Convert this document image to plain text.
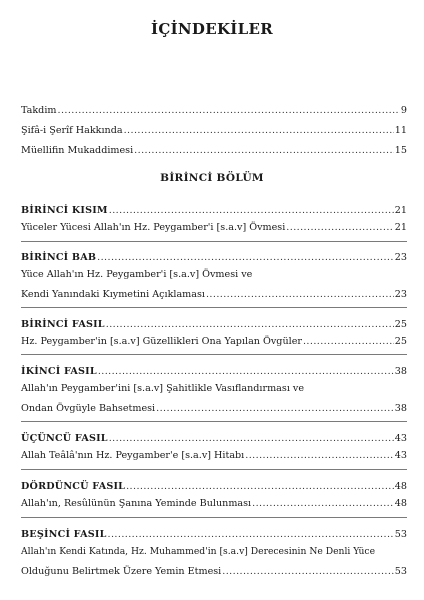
İÇİNDEKİLER
Takdim .....	9
Şifâ-i Şerîf Hakkında .....	11
Müellifin Mukaddimesi .....	15
BİRİNCİ BÖLÜM
BİRİNCİ KISIM .....	21
Yüceler Yücesi Allah'ın Hz. Peygamber'i [s.a.v] Övmesi .....	21
BİRİNCİ BAB .....	23
Yüce Allah'ın Hz. Peygamber'i [s.a.v] Övmesi ve
Kendi Yanındaki Kıymetini Açıklaması .....	23
BİRİNCİ FASIL .....	25
Hz. Peygamber'in [s.a.v] Güzellikleri Ona Yapılan Övgüler .....	25
İKİNCİ FASIL .....	38
Allah'ın Peygamber'ini [s.a.v] Şahitlikle Vasıflandırması ve
Ondan Övgüyle Bahsetmesi .....	38
ÜÇÜNCÜ FASIL .....	43
Allah Teâlâ'nın Hz. Peygamber'e [s.a.v] Hitabı .....	43
DÖRDÜNCÜ FASIL .....	48
Allah'ın, Resûlünün Şanına Yeminde Bulunması .....	48
BEŞİNCİ FASIL .....	53
Allah'ın Kendi Katında, Hz. Muhammed'in [s.a.v] Derecesinin Ne Denli Yüce
Olduğunu Belirtmek Üzere Yemin Etmesi .....	53
